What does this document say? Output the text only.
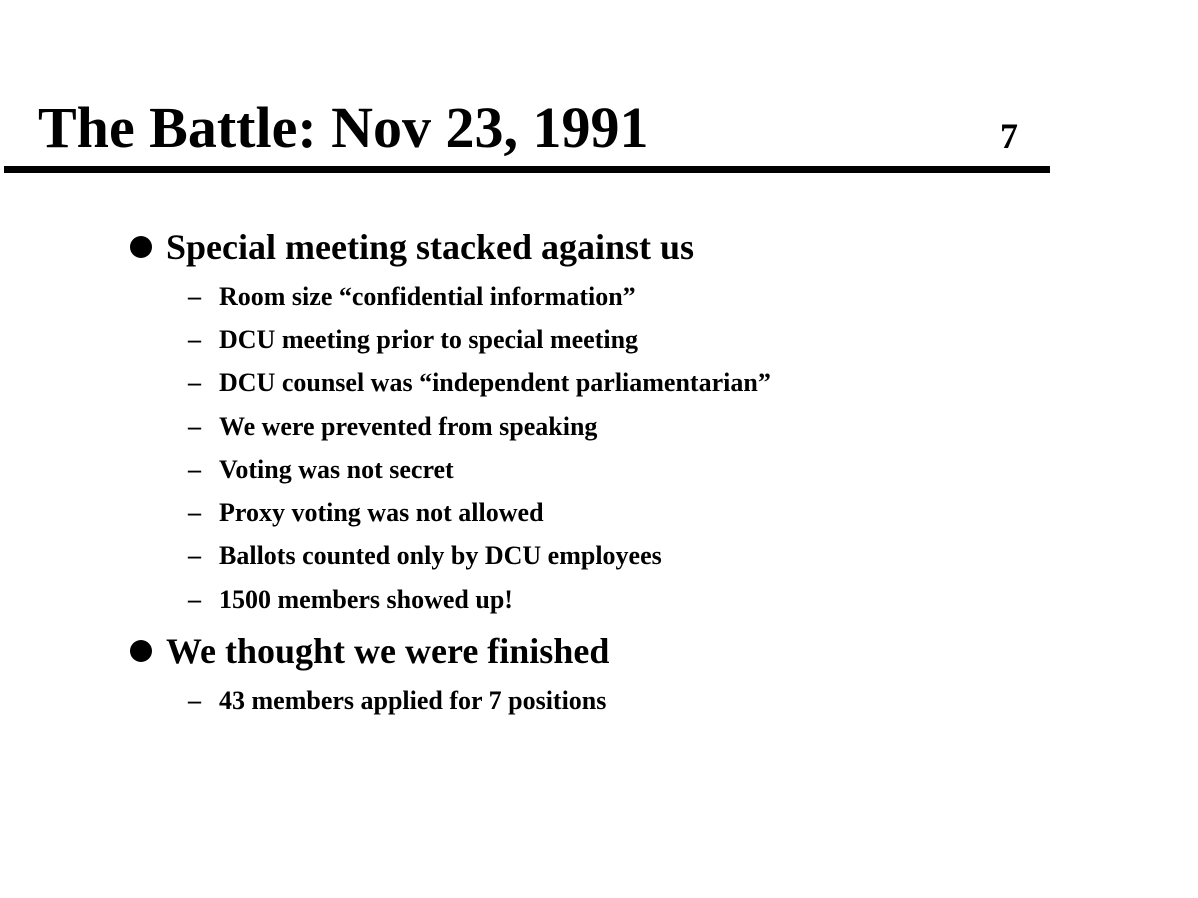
The Battle: Nov 23, 1991	7
Special meeting stacked against us
– Room size “confidential information”
– DCU meeting prior to special meeting
– DCU counsel was “independent parliamentarian”
– We were prevented from speaking
– Voting was not secret
– Proxy voting was not allowed
– Ballots counted only by DCU employees
– 1500 members showed up!
We thought we were finished
– 43 members applied for 7 positions
